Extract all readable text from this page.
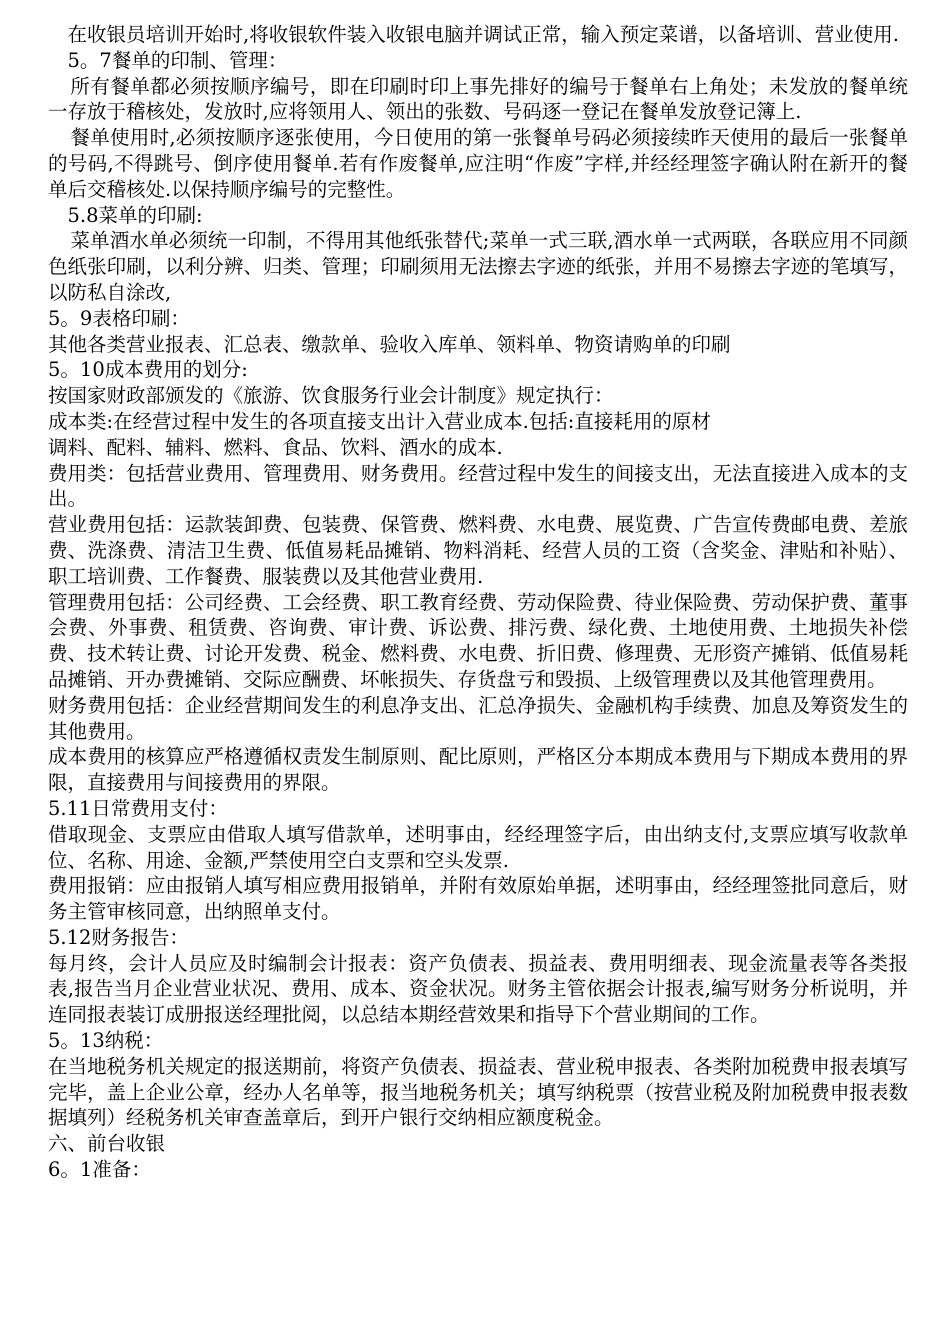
在收银员培训开始时,将收银软件装入收银电脑并调试正常，输入预定菜谱，以备培训、营业使用.

5。7餐单的印制、管理：

所有餐单都必须按顺序编号，即在印刷时印上事先排好的编号于餐单右上角处；未发放的餐单统一存放于稽核处，发放时,应将领用人、领出的张数、号码逐一登记在餐单发放登记簿上.

餐单使用时,必须按顺序逐张使用，今日使用的第一张餐单号码必须接续昨天使用的最后一张餐单的号码,不得跳号、倒序使用餐单.若有作废餐单,应注明“作废”字样,并经经理签字确认附在新开的餐单后交稽核处.以保持顺序编号的完整性。

5.8菜单的印刷:

菜单酒水单必须统一印制，不得用其他纸张替代;菜单一式三联,酒水单一式两联，各联应用不同颜色纸张印刷，以利分辨、归类、管理；印刷须用无法擦去字迹的纸张，并用不易擦去字迹的笔填写，以防私自涂改,

5。9表格印刷：

其他各类营业报表、汇总表、缴款单、验收入库单、领料单、物资请购单的印刷

5。10成本费用的划分:

按国家财政部颁发的《旅游、饮食服务行业会计制度》规定执行：

成本类:在经营过程中发生的各项直接支出计入营业成本.包括:直接耗用的原材

调料、配料、辅料、燃料、食品、饮料、酒水的成本.

费用类：包括营业费用、管理费用、财务费用。经营过程中发生的间接支出，无法直接进入成本的支出。

营业费用包括：运款装卸费、包装费、保管费、燃料费、水电费、展览费、广告宣传费邮电费、差旅费、洗涤费、清洁卫生费、低值易耗品摊销、物料消耗、经营人员的工资（含奖金、津贴和补贴）、职工培训费、工作餐费、服装费以及其他营业费用.

管理费用包括：公司经费、工会经费、职工教育经费、劳动保险费、待业保险费、劳动保护费、董事会费、外事费、租赁费、咨询费、审计费、诉讼费、排污费、绿化费、土地使用费、土地损失补偿费、技术转让费、讨论开发费、税金、燃料费、水电费、折旧费、修理费、无形资产摊销、低值易耗品摊销、开办费摊销、交际应酬费、坏帐损失、存货盘亏和毁损、上级管理费以及其他管理费用。

财务费用包括：企业经营期间发生的利息净支出、汇总净损失、金融机构手续费、加息及筹资发生的其他费用。

成本费用的核算应严格遵循权责发生制原则、配比原则，严格区分本期成本费用与下期成本费用的界限，直接费用与间接费用的界限。

5.11日常费用支付：

借取现金、支票应由借取人填写借款单，述明事由，经经理签字后，由出纳支付,支票应填写收款单位、名称、用途、金额,严禁使用空白支票和空头发票.

费用报销：应由报销人填写相应费用报销单，并附有效原始单据，述明事由，经经理签批同意后，财务主管审核同意，出纳照单支付。

5.12财务报告：

每月终，会计人员应及时编制会计报表：资产负债表、损益表、费用明细表、现金流量表等各类报表,报告当月企业营业状况、费用、成本、资金状况。财务主管依据会计报表,编写财务分析说明，并连同报表装订成册报送经理批阅，以总结本期经营效果和指导下个营业期间的工作。

5。13纳税：

在当地税务机关规定的报送期前，将资产负债表、损益表、营业税申报表、各类附加税费申报表填写完毕，盖上企业公章，经办人名单等，报当地税务机关；填写纳税票（按营业税及附加税费申报表数据填列）经税务机关审查盖章后，到开户银行交纳相应额度税金。

六、前台收银

6。1准备：
